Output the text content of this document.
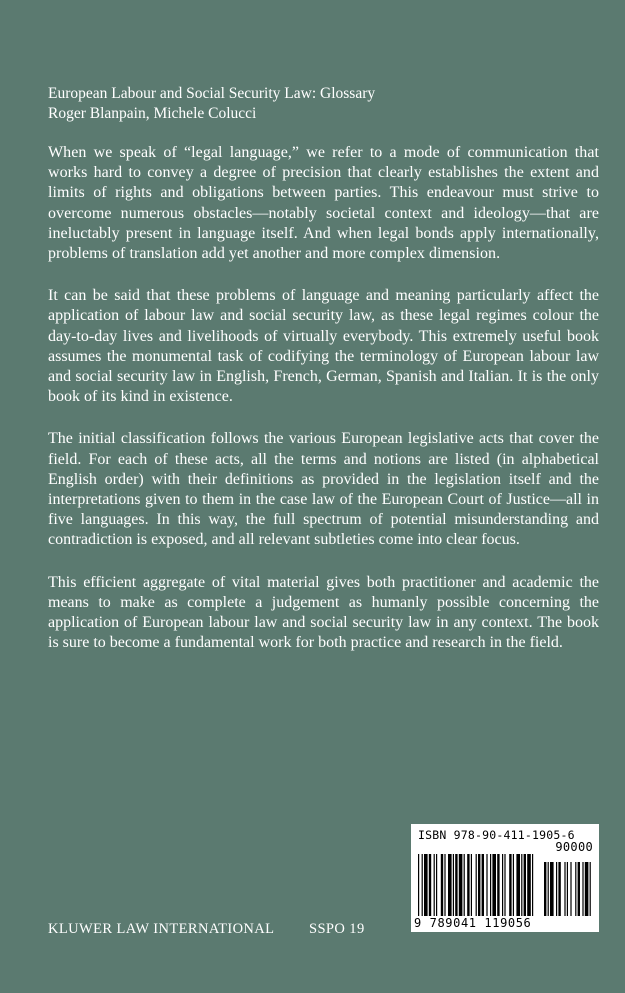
European Labour and Social Security Law: Glossary
Roger Blanpain, Michele Colucci

When we speak of “legal language,” we refer to a mode of communication that works hard to convey a degree of precision that clearly establishes the extent and limits of rights and obligations between parties. This endeavour must strive to overcome numerous obstacles—notably societal context and ideology—that are ineluctably present in language itself. And when legal bonds apply internationally, problems of translation add yet another and more complex dimension.

It can be said that these problems of language and meaning particularly affect the application of labour law and social security law, as these legal regimes colour the day-to-day lives and livelihoods of virtually everybody. This extremely useful book assumes the monumental task of codifying the terminology of European labour law and social security law in English, French, German, Spanish and Italian. It is the only book of its kind in existence.

The initial classification follows the various European legislative acts that cover the field. For each of these acts, all the terms and notions are listed (in alphabetical English order) with their definitions as provided in the legislation itself and the interpretations given to them in the case law of the European Court of Justice—all in five languages. In this way, the full spectrum of potential misunderstanding and contradiction is exposed, and all relevant subtleties come into clear focus.

This efficient aggregate of vital material gives both practitioner and academic the means to make as complete a judgement as humanly possible concerning the application of European labour law and social security law in any context. The book is sure to become a fundamental work for both practice and research in the field.

KLUWER LAW INTERNATIONAL SSPO 19
ISBN 978-90-411-1905-6
90000
9 789041 119056
